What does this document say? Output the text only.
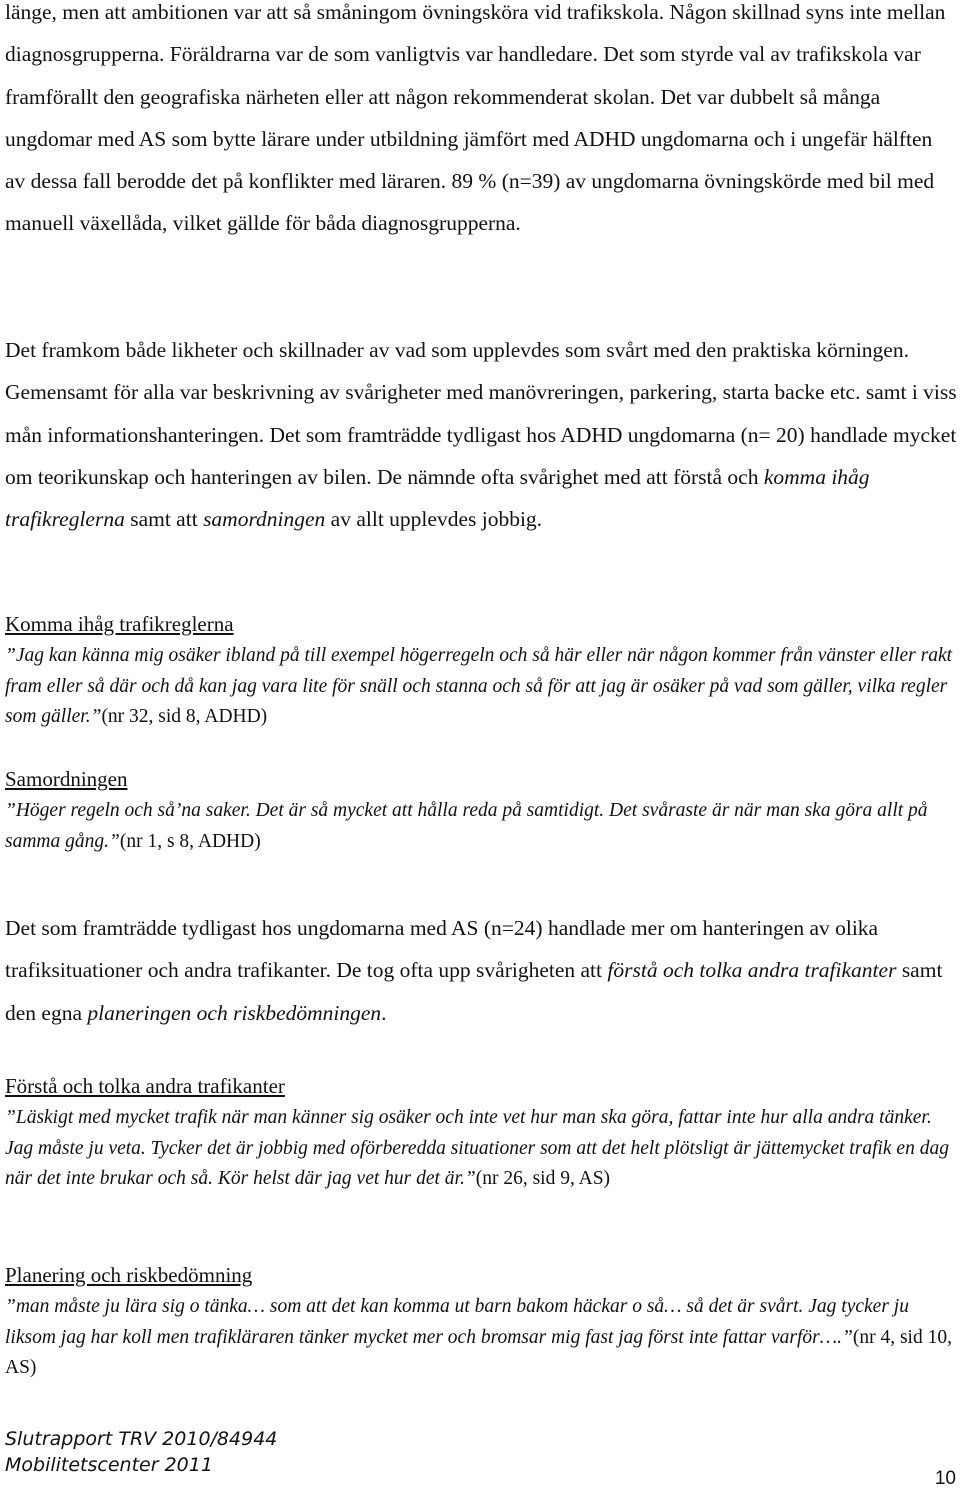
länge, men att ambitionen var att så småningom övningsköra vid trafikskola. Någon skillnad syns inte mellan diagnosgrupperna. Föräldrarna var de som vanligtvis var handledare. Det som styrde val av trafikskola var framförallt den geografiska närheten eller att någon rekommenderat skolan. Det var dubbelt så många ungdomar med AS som bytte lärare under utbildning jämfört med ADHD ungdomarna och i ungefär hälften av dessa fall berodde det på konflikter med läraren. 89 % (n=39) av ungdomarna övningskörde med bil med manuell växellåda, vilket gällde för båda diagnosgrupperna.

Det framkom både likheter och skillnader av vad som upplevdes som svårt med den praktiska körningen. Gemensamt för alla var beskrivning av svårigheter med manövreringen, parkering, starta backe etc. samt i viss mån informationshanteringen. Det som framträdde tydligast hos ADHD ungdomarna (n= 20) handlade mycket om teorikunskap och hanteringen av bilen. De nämnde ofta svårighet med att förstå och komma ihåg trafikreglerna samt att samordningen av allt upplevdes jobbig.

Komma ihåg trafikreglerna

”Jag kan känna mig osäker ibland på till exempel högerregeln och så här eller när någon kommer från vänster eller rakt fram eller så där och då kan jag vara lite för snäll och stanna och så för att jag är osäker på vad som gäller, vilka regler som gäller.”(nr 32, sid 8, ADHD)

Samordningen

”Höger regeln och så’na saker. Det är så mycket att hålla reda på samtidigt. Det svåraste är när man ska göra allt på samma gång.”(nr 1, s 8, ADHD)

Det som framträdde tydligast hos ungdomarna med AS (n=24) handlade mer om hanteringen av olika trafiksituationer och andra trafikanter. De tog ofta upp svårigheten att förstå och tolka andra trafikanter samt den egna planeringen och riskbedömningen.

Förstå och tolka andra trafikanter

”Läskigt med mycket trafik när man känner sig osäker och inte vet hur man ska göra, fattar inte hur alla andra tänker. Jag måste ju veta. Tycker det är jobbig med oförberedda situationer som att det helt plötsligt är jättemycket trafik en dag när det inte brukar och så. Kör helst där jag vet hur det är.”(nr 26, sid 9, AS)

Planering och riskbedömning

”man måste ju lära sig o tänka… som att det kan komma ut barn bakom häckar o så… så det är svårt. Jag tycker ju liksom jag har koll men trafikläraren tänker mycket mer och bromsar mig fast jag först inte fattar varför….”(nr 4, sid 10, AS)

Slutrapport TRV 2010/84944
Mobilitetscenter 2011
10
